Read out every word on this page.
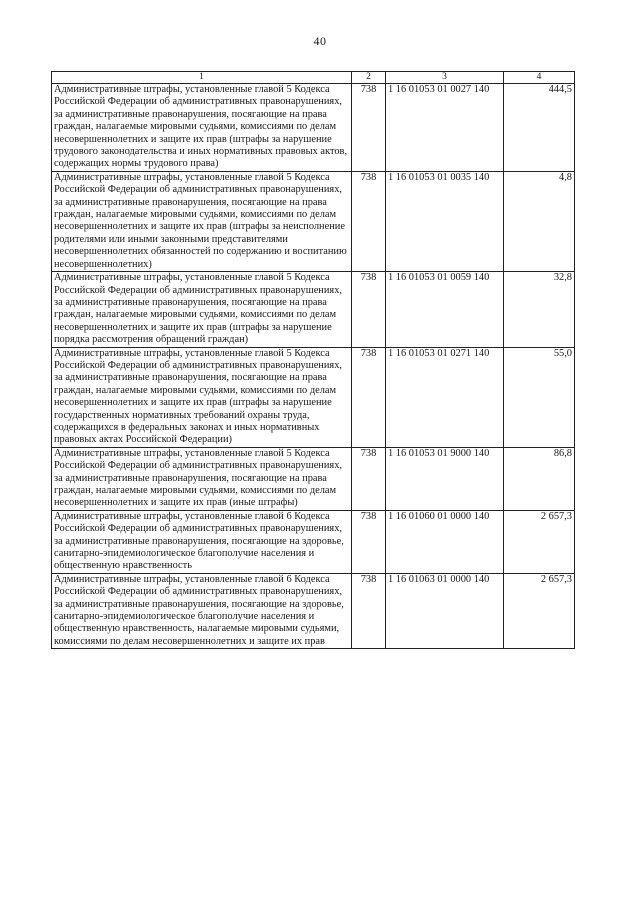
40
1	2	3	4
Административные штрафы, установленные главой 5 Кодекса Российской Федерации об административных правонарушениях, за административные правонарушения, посягающие на права граждан, налагаемые мировыми судьями, комиссиями по делам несовершеннолетних и защите их прав (штрафы за нарушение трудового законодательства и иных нормативных правовых актов, содержащих нормы трудового права)	738	1 16 01053 01 0027 140	444,5
Административные штрафы, установленные главой 5 Кодекса Российской Федерации об административных правонарушениях, за административные правонарушения, посягающие на права граждан, налагаемые мировыми судьями, комиссиями по делам несовершеннолетних и защите их прав (штрафы за неисполнение родителями или иными законными представителями несовершеннолетних обязанностей по содержанию и воспитанию несовершеннолетних)	738	1 16 01053 01 0035 140	4,8
Административные штрафы, установленные главой 5 Кодекса Российской Федерации об административных правонарушениях, за административные правонарушения, посягающие на права граждан, налагаемые мировыми судьями, комиссиями по делам несовершеннолетних и защите их прав (штрафы за нарушение порядка рассмотрения обращений граждан)	738	1 16 01053 01 0059 140	32,8
Административные штрафы, установленные главой 5 Кодекса Российской Федерации об административных правонарушениях, за административные правонарушения, посягающие на права граждан, налагаемые мировыми судьями, комиссиями по делам несовершеннолетних и защите их прав (штрафы за нарушение государственных нормативных требований охраны труда, содержащихся в федеральных законах и иных нормативных правовых актах Российской Федерации)	738	1 16 01053 01 0271 140	55,0
Административные штрафы, установленные главой 5 Кодекса Российской Федерации об административных правонарушениях, за административные правонарушения, посягающие на права граждан, налагаемые мировыми судьями, комиссиями по делам несовершеннолетних и защите их прав (иные штрафы)	738	1 16 01053 01 9000 140	86,8
Административные штрафы, установленные главой 6 Кодекса Российской Федерации об административных правонарушениях, за административные правонарушения, посягающие на здоровье, санитарно-эпидемиологическое благополучие населения и общественную нравственность	738	1 16 01060 01 0000 140	2 657,3
Административные штрафы, установленные главой 6 Кодекса Российской Федерации об административных правонарушениях, за административные правонарушения, посягающие на здоровье, санитарно-эпидемиологическое благополучие населения и общественную нравственность, налагаемые мировыми судьями, комиссиями по делам несовершеннолетних и защите их прав	738	1 16 01063 01 0000 140	2 657,3
